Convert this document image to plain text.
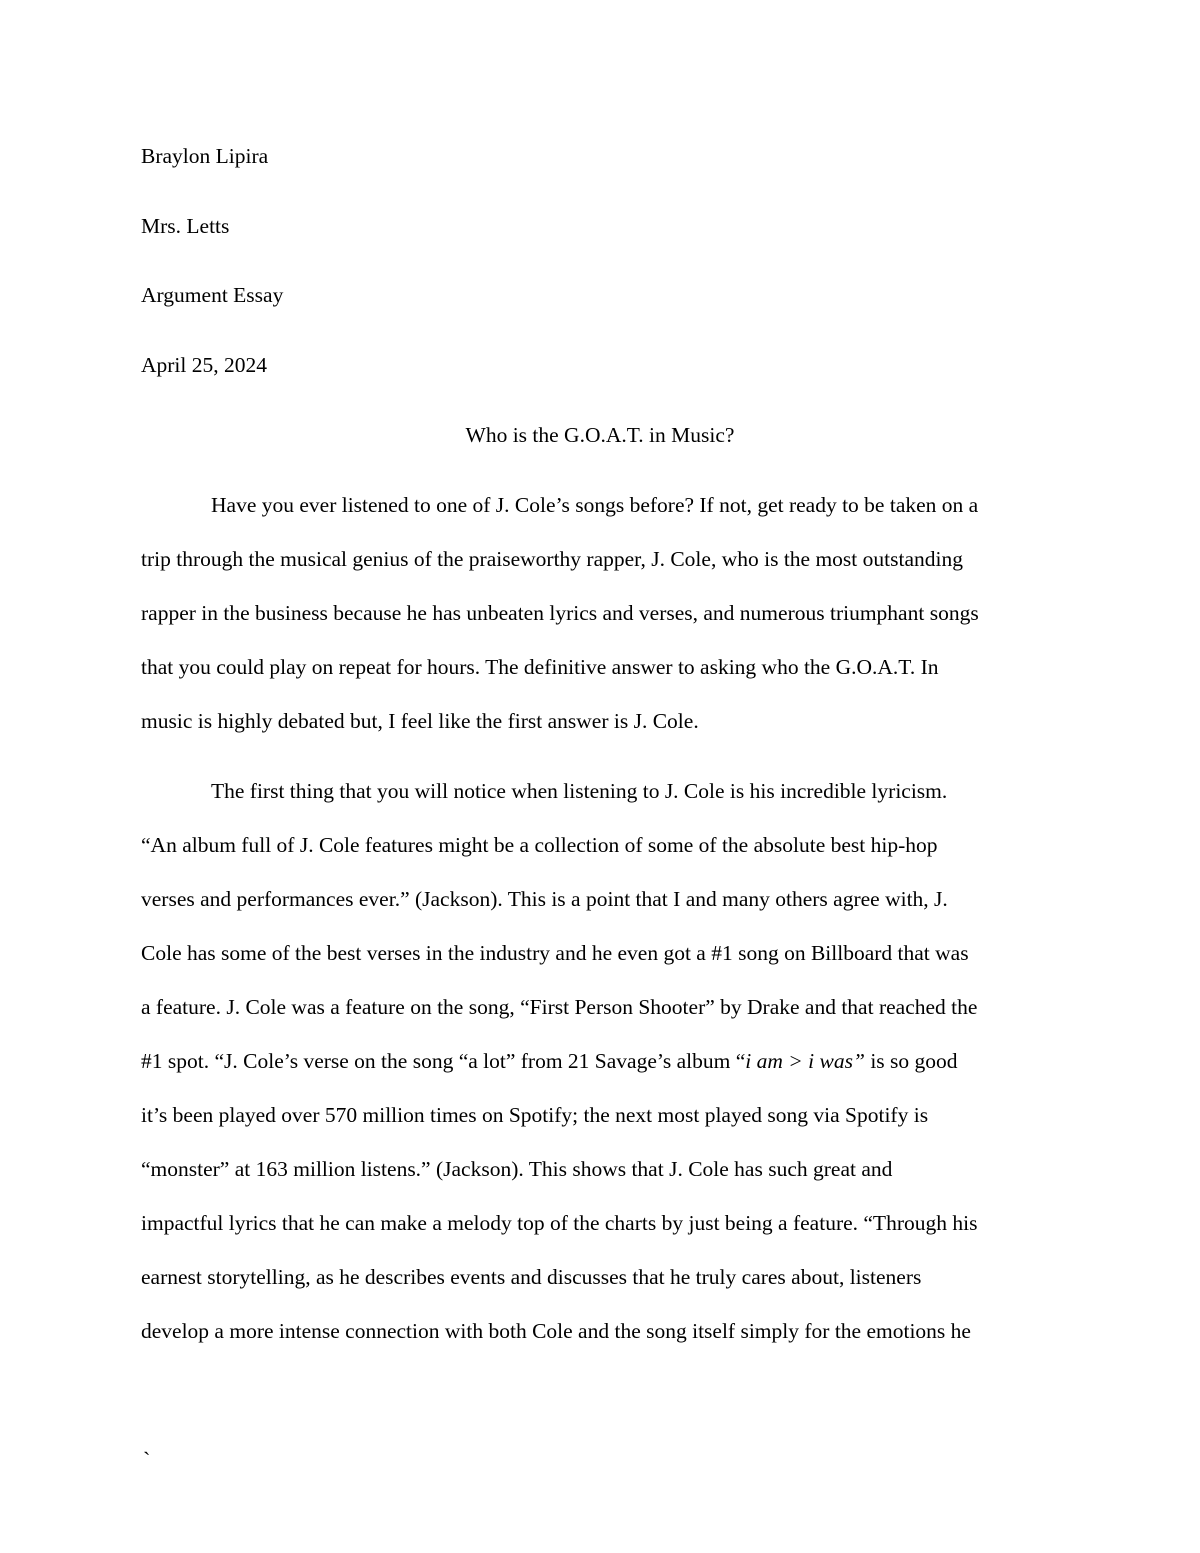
Braylon Lipira
Mrs. Letts
Argument Essay
April 25, 2024
Who is the G.O.A.T. in Music?
Have you ever listened to one of J. Cole’s songs before? If not, get ready to be taken on a
trip through the musical genius of the praiseworthy rapper, J. Cole, who is the most outstanding
rapper in the business because he has unbeaten lyrics and verses, and numerous triumphant songs
that you could play on repeat for hours. The definitive answer to asking who the G.O.A.T. In
music is highly debated but, I feel like the first answer is J. Cole.
The first thing that you will notice when listening to J. Cole is his incredible lyricism.
“An album full of J. Cole features might be a collection of some of the absolute best hip-hop
verses and performances ever.” (Jackson). This is a point that I and many others agree with, J.
Cole has some of the best verses in the industry and he even got a #1 song on Billboard that was
a feature. J. Cole was a feature on the song, “First Person Shooter” by Drake and that reached the
#1 spot. “J. Cole’s verse on the song “a lot” from 21 Savage’s album “i am > i was” is so good
it’s been played over 570 million times on Spotify; the next most played song via Spotify is
“monster” at 163 million listens.” (Jackson). This shows that J. Cole has such great and
impactful lyrics that he can make a melody top of the charts by just being a feature. “Through his
earnest storytelling, as he describes events and discusses that he truly cares about, listeners
develop a more intense connection with both Cole and the song itself simply for the emotions he
`
